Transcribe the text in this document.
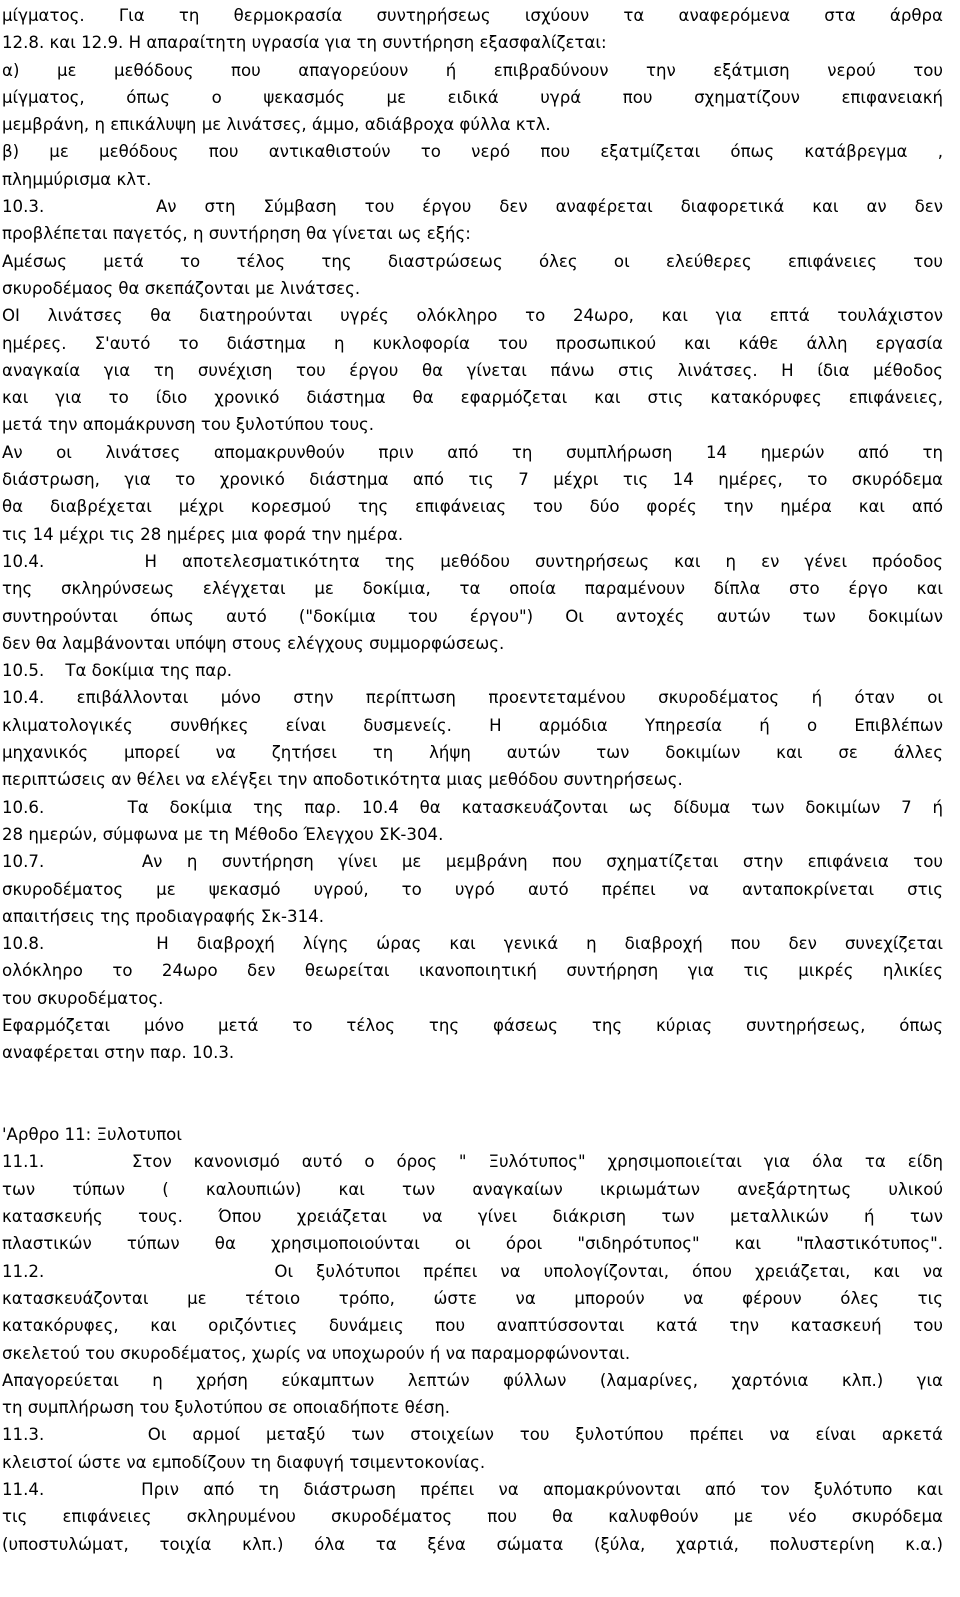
μίγματος. Για τη θερμοκρασία συντηρήσεως ισχύουν τα αναφερόμενα στα άρθρα
12.8. και 12.9. Η απαραίτητη υγρασία για τη συντήρηση εξασφαλίζεται:
α) με μεθόδους που απαγορεύουν ή επιβραδύνουν την εξάτμιση νερού του
μίγματος, όπως ο ψεκασμός με ειδικά υγρά που σχηματίζουν επιφανειακή
μεμβράνη, η επικάλυψη με λινάτσες, άμμο, αδιάβροχα φύλλα κτλ.
β) με μεθόδους που αντικαθιστούν το νερό που εξατμίζεται όπως κατάβρεγμα ,
πλημμύρισμα κλτ.
10.3.    Αν στη Σύμβαση του έργου δεν αναφέρεται διαφορετικά και αν δεν
προβλέπεται παγετός, η συντήρηση θα γίνεται ως εξής:
Αμέσως μετά το τέλος της διαστρώσεως όλες οι ελεύθερες επιφάνειες του
σκυροδέμαος θα σκεπάζονται με λινάτσες.
ΟΙ λινάτσες θα διατηρούνται υγρές ολόκληρο το 24ωρο, και για επτά τουλάχιστον
ημέρες. Σ'αυτό το διάστημα η κυκλοφορία του προσωπικού και κάθε άλλη εργασία
αναγκαία για τη συνέχιση του έργου θα γίνεται πάνω στις λινάτσες. Η ίδια μέθοδος
και για το ίδιο χρονικό διάστημα θα εφαρμόζεται και στις κατακόρυφες επιφάνειες,
μετά την απομάκρυνση του ξυλοτύπου τους.
Αν οι λινάτσες απομακρυνθούν πριν από τη συμπλήρωση 14 ημερών από τη
διάστρωση, για το χρονικό διάστημα από τις 7 μέχρι τις 14 ημέρες, το σκυρόδεμα
θα διαβρέχεται μέχρι κορεσμού της επιφάνειας του δύο φορές την ημέρα και από
τις 14 μέχρι τις 28 ημέρες μια φορά την ημέρα.
10.4.    Η αποτελεσματικότητα της μεθόδου συντηρήσεως και η εν γένει πρόοδος
της σκληρύνσεως ελέγχεται με δοκίμια, τα οποία παραμένουν δίπλα στο έργο και
συντηρούνται όπως αυτό ("δοκίμια του έργου") Οι αντοχές αυτών των δοκιμίων
δεν θα λαμβάνονται υπόψη στους ελέγχους συμμορφώσεως.
10.5.    Τα δοκίμια της παρ.
10.4. επιβάλλονται μόνο στην περίπτωση προεντεταμένου σκυροδέματος ή όταν οι
κλιματολογικές συνθήκες είναι δυσμενείς. Η αρμόδια Υπηρεσία ή ο Επιβλέπων
μηχανικός μπορεί να ζητήσει τη λήψη αυτών των δοκιμίων και σε άλλες
περιπτώσεις αν θέλει να ελέγξει την αποδοτικότητα μιας μεθόδου συντηρήσεως.
10.6.    Τα δοκίμια της παρ. 10.4 θα κατασκευάζονται ως δίδυμα των δοκιμίων 7 ή
28 ημερών, σύμφωνα με τη Μέθοδο Έλεγχου ΣΚ-304.
10.7.    Αν η συντήρηση γίνει με μεμβράνη που σχηματίζεται στην επιφάνεια του
σκυροδέματος με ψεκασμό υγρού, το υγρό αυτό πρέπει να ανταποκρίνεται στις
απαιτήσεις της προδιαγραφής Σκ-314.
10.8.    Η διαβροχή λίγης ώρας και γενικά η διαβροχή που δεν συνεχίζεται
ολόκληρο το 24ωρο δεν θεωρείται ικανοποιητική συντήρηση για τις μικρές ηλικίες
του σκυροδέματος.
Εφαρμόζεται μόνο μετά το τέλος της φάσεως της κύριας συντηρήσεως, όπως
αναφέρεται στην παρ. 10.3.
'Αρθρο 11: Ξυλοτυποι
11.1.    Στον κανονισμό αυτό ο όρος " Ξυλότυπος" χρησιμοποιείται για όλα τα είδη
των τύπων ( καλουπιών) και των αναγκαίων ικριωμάτων ανεξάρτητως υλικού
κατασκευής τους. Όπου χρειάζεται να γίνει διάκριση των μεταλλικών ή των
πλαστικών τύπων θα χρησιμοποιούνται οι όροι "σιδηρότυπος" και "πλαστικότυπος".
11.2.          Οι ξυλότυποι πρέπει να υπολογίζονται, όπου χρειάζεται, και να
κατασκευάζονται με τέτοιο τρόπο, ώστε να μπορούν να φέρουν όλες τις
κατακόρυφες, και οριζόντιες δυνάμεις που αναπτύσσονται κατά την κατασκευή του
σκελετού του σκυροδέματος, χωρίς να υποχωρούν ή να παραμορφώνονται.
Απαγορεύεται η χρήση εύκαμπτων λεπτών φύλλων (λαμαρίνες, χαρτόνια κλπ.) για
τη συμπλήρωση του ξυλοτύπου σε οποιαδήποτε θέση.
11.3.    Οι αρμοί μεταξύ των στοιχείων του ξυλοτύπου πρέπει να είναι αρκετά
κλειστοί ώστε να εμποδίζουν τη διαφυγή τσιμεντοκονίας.
11.4.    Πριν από τη διάστρωση πρέπει να απομακρύνονται από τον ξυλότυπο και
τις επιφάνειες σκληρυμένου σκυροδέματος που θα καλυφθούν με νέο σκυρόδεμα
(υποστυλώματ, τοιχία κλπ.) όλα τα ξένα σώματα (ξύλα, χαρτιά, πολυστερίνη κ.α.)
